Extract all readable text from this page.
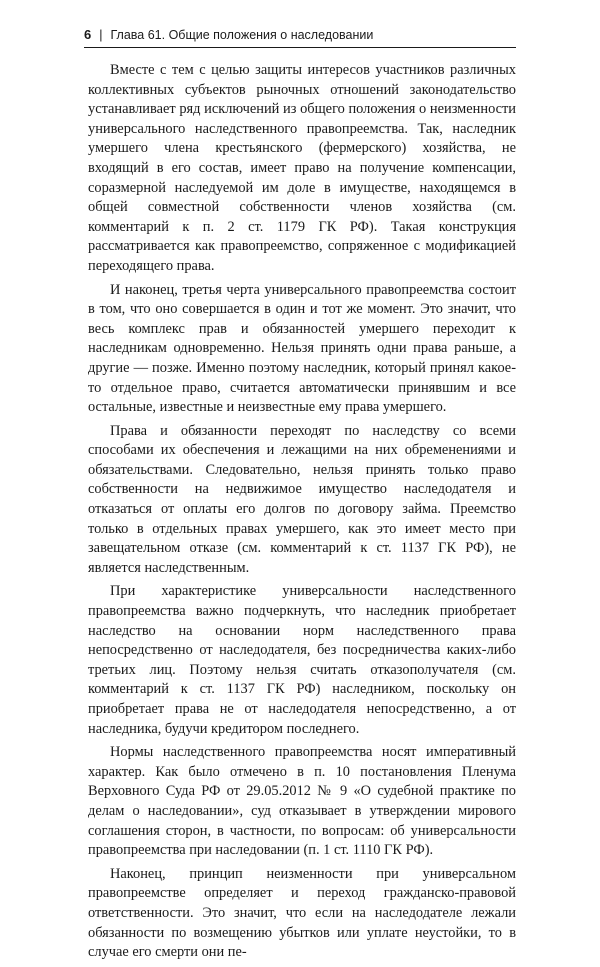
6 | Глава 61. Общие положения о наследовании

Вместе с тем с целью защиты интересов участников различных коллективных субъектов рыночных отношений законодательство устанавливает ряд исключений из общего положения о неизменности универсального наследственного правопреемства. Так, наследник умершего члена крестьянского (фермерского) хозяйства, не входящий в его состав, имеет право на получение компенсации, соразмерной наследуемой им доле в имуществе, находящемся в общей совместной собственности членов хозяйства (см. комментарий к п. 2 ст. 1179 ГК РФ). Такая конструкция рассматривается как правопреемство, сопряженное с модификацией переходящего права.

И наконец, третья черта универсального правопреемства состоит в том, что оно совершается в один и тот же момент. Это значит, что весь комплекс прав и обязанностей умершего переходит к наследникам одновременно. Нельзя принять одни права раньше, а другие — позже. Именно поэтому наследник, который принял какое-то отдельное право, считается автоматически принявшим и все остальные, известные и неизвестные ему права умершего.

Права и обязанности переходят по наследству со всеми способами их обеспечения и лежащими на них обременениями и обязательствами. Следовательно, нельзя принять только право собственности на недвижимое имущество наследодателя и отказаться от оплаты его долгов по договору займа. Преемство только в отдельных правах умершего, как это имеет место при завещательном отказе (см. комментарий к ст. 1137 ГК РФ), не является наследственным.

При характеристике универсальности наследственного правопреемства важно подчеркнуть, что наследник приобретает наследство на основании норм наследственного права непосредственно от наследодателя, без посредничества каких-либо третьих лиц. Поэтому нельзя считать отказополучателя (см. комментарий к ст. 1137 ГК РФ) наследником, поскольку он приобретает права не от наследодателя непосредственно, а от наследника, будучи кредитором последнего.

Нормы наследственного правопреемства носят императивный характер. Как было отмечено в п. 10 постановления Пленума Верховного Суда РФ от 29.05.2012 № 9 «О судебной практике по делам о наследовании», суд отказывает в утверждении мирового соглашения сторон, в частности, по вопросам: об универсальности правопреемства при наследовании (п. 1 ст. 1110 ГК РФ).

Наконец, принцип неизменности при универсальном правопреемстве определяет и переход гражданско-правовой ответственности. Это значит, что если на наследодателе лежали обязанности по возмещению убытков или уплате неустойки, то в случае его смерти они пе-
